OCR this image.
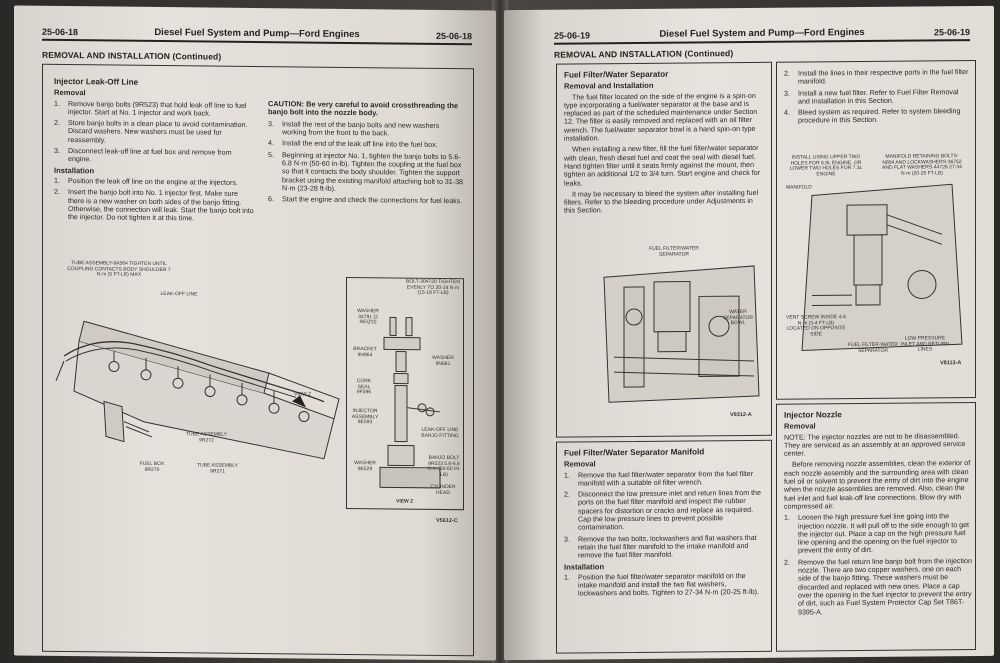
25-06-18	Diesel Fuel System and Pump—Ford Engines	25-06-18
REMOVAL AND INSTALLATION (Continued)
Injector Leak-Off Line
Removal
1.	Remove banjo bolts (9R523) that hold leak off line to fuel injector. Start at No. 1 injector and work back.
2.	Store banjo bolts in a clean place to avoid contamination. Discard washers. New washers must be used for reassembly.
3.	Disconnect leak-off line at fuel box and remove from engine.
Installation
1.	Position the leak off line on the engine at the injectors.
2.	Insert the banjo bolt into No. 1 injector first. Make sure there is a new washer on both sides of the banjo fitting. Otherwise, the connection will leak. Start the banjo bolt into the injector. Do not tighten it at this time.
CAUTION: Be very careful to avoid crossthreading the banjo bolt into the nozzle body.
3.	Install the rest of the banjo bolts and new washers working from the front to the back.
4.	Install the end of the leak off line into the fuel box.
5.	Beginning at injector No. 1, tighten the banjo bolts to 5.6-6.8 N·m (50-60 in-lb). Tighten the coupling at the fuel box so that it contacts the body shoulder. Tighten the support bracket using the existing manifold attaching bolt to 31-38 N·m (23-28 ft-lb).
6.	Start the engine and check the connections for fuel leaks.
TUBE ASSEMBLY-9A564 TIGHTEN UNTIL COUPLING CONTACTS BODY SHOULDER 7 N·m (5 FT-LB) MAX
LEAK-OFF LINE
VIEW Z
TUBE ASSEMBLY 9R272
FUEL BOX 9R270
TUBE ASSEMBLY 9R271
BOLT-304720 TIGHTEN EVENLY TO 20-24 N·m (15-18 FT-LB)
WASHER 34791 (2 REQ'D)
BRACKET 9N964
WASHER 9N661
CORK SEAL 9F596
INJECTOR ASSEMBLY 9E593
LEAK-OFF LINE BANJO FITTING
WASHER 9E529
BANJO BOLT 9R523 5.6-6.8 N·m (50-60 IN-LB)
CYLINDER HEAD
VIEW Z
V5612-C
25-06-19	Diesel Fuel System and Pump—Ford Engines	25-06-19
REMOVAL AND INSTALLATION (Continued)
Fuel Filter/Water Separator
Removal and Installation

The fuel filter located on the side of the engine is a spin-on type incorporating a fuel/water separator at the base and is replaced as part of the scheduled maintenance under Section 12. The filter is easily removed and replaced with an oil filter wrench. The fuel/water separator bowl is a hand spin-on type installation.

When installing a new filter, fill the fuel filter/water separator with clean, fresh diesel fuel and coat the seal with diesel fuel. Hand tighten filter until it seats firmly against the mount, then tighten an additional 1/2 to 3/4 turn. Start engine and check for leaks.

It may be necessary to bleed the system after installing fuel filters. Refer to the bleeding procedure under Adjustments in this Section.

FUEL FILTER/WATER SEPARATOR
WATER SEPARATOR BOWL
V9312-A
2.	Install the lines in their respective ports in the fuel filter manifold.
3.	Install a new fuel filter. Refer to Fuel Filter Removal and Installation in this Section.
4.	Bleed system as required. Refer to system bleeding procedure in this Section.
INSTALL USING UPPER TWO HOLES FOR 6.9L ENGINE, OR LOWER TWO HOLES FOR 7.3L ENGINE
MANIFOLD RETAINING BOLTS-N804 AND LOCKWASHERS-36752 AND FLAT WASHERS-44726 27-34 N·m (20-25 FT-LB)
MANIFOLD
VENT SCREW INSIDE 4-6 N·m (3-4 FT-LB) LOCATED ON OPPOSITE SIDE
FUEL FILTER-WATER SEPARATOR
LOW PRESSURE INLET AND RETURN LINES
V8113-A
Fuel Filter/Water Separator Manifold
Removal
1.	Remove the fuel filter/water separator from the fuel filter manifold with a suitable oil filter wrench.
2.	Disconnect the low pressure inlet and return lines from the ports on the fuel filter manifold and inspect the rubber spacers for distortion or cracks and replace as required. Cap the low pressure lines to prevent possible contamination.
3.	Remove the two bolts, lockwashers and flat washers that retain the fuel filter manifold to the intake manifold and remove the fuel filter manifold.
Installation
1.	Position the fuel filter/water separator manifold on the intake manifold and install the two flat washers, lockwashers and bolts. Tighten to 27-34 N·m (20-25 ft-lb).
Injector Nozzle
Removal

NOTE: The injector nozzles are not to be disassembled. They are serviced as an assembly at an approved service center.

Before removing nozzle assemblies, clean the exterior of each nozzle assembly and the surrounding area with clean fuel oil or solvent to prevent the entry of dirt into the engine when the nozzle assemblies are removed. Also, clean the fuel inlet and fuel leak-off line connections. Blow dry with compressed air.

1.	Loosen the high pressure fuel line going into the injection nozzle. It will pull off to the side enough to get the injector out. Place a cap on the high pressure fuel line opening and the opening on the fuel injector to prevent the entry of dirt.
2.	Remove the fuel return line banjo bolt from the injection nozzle. There are two copper washers, one on each side of the banjo fitting. These washers must be discarded and replaced with new ones. Place a cap over the opening in the fuel injector to prevent the entry of dirt, such as Fuel System Protector Cap Set T86T-9395-A.
